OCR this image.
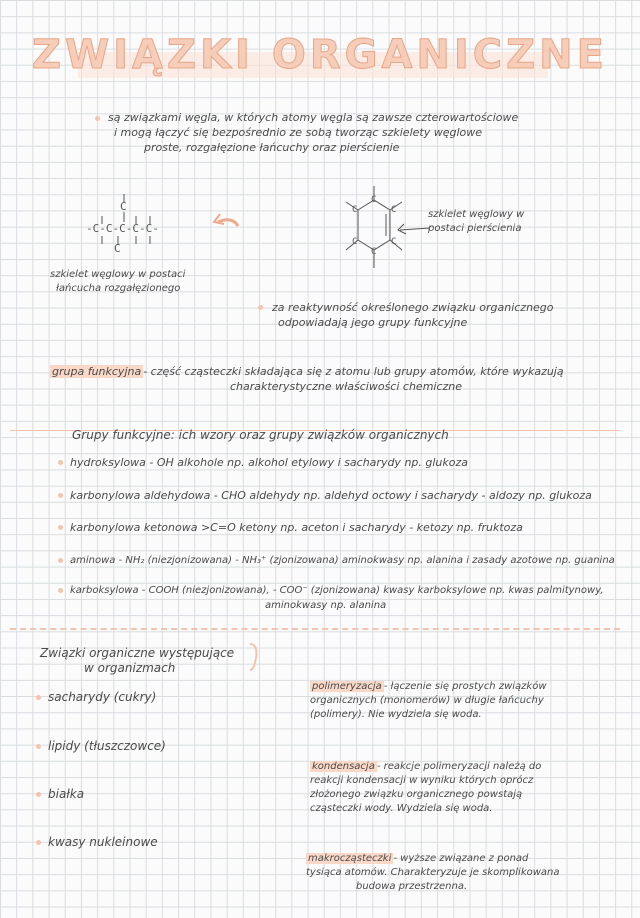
ZWIĄZKI ORGANICZNE
są związkami węgla, w których atomy węgla są zawsze czterowartościowe
i mogą łączyć się bezpośrednio ze sobą tworząc szkielety węglowe
proste, rozgałęzione łańcuchy oraz pierścienie
C
-C-C-C-C-C-
C
szkielet węglowy w postaci
łańcucha rozgałęzionego
C
C
C	C
C	C
szkielet węglowy w
postaci pierścienia
za reaktywność określonego związku organicznego
odpowiadają jego grupy funkcyjne
grupa funkcyjna - część cząsteczki składająca się z atomu lub grupy atomów, które wykazują
charakterystyczne właściwości chemiczne
Grupy funkcyjne: ich wzory oraz grupy związków organicznych
hydroksylowa - OH alkohole np. alkohol etylowy i sacharydy np. glukoza
karbonylowa aldehydowa - CHO aldehydy np. aldehyd octowy i sacharydy - aldozy np. glukoza
karbonylowa ketonowa >C=O ketony np. aceton i sacharydy - ketozy np. fruktoza
aminowa - NH₂ (niezjonizowana) - NH₃⁺ (zjonizowana) aminokwasy np. alanina i zasady azotowe np. guanina
karboksylowa - COOH (niezjonizowana), - COO⁻ (zjonizowana) kwasy karboksylowe np. kwas palmitynowy,
aminokwasy np. alanina
Związki organiczne występujące
w organizmach
sacharydy (cukry)
lipidy (tłuszczowce)
białka
kwasy nukleinowe
polimeryzacja - łączenie się prostych związków
organicznych (monomerów) w długie łańcuchy
(polimery). Nie wydziela się woda.
kondensacja - reakcje polimeryzacji należą do
reakcji kondensacji w wyniku których oprócz
złożonego związku organicznego powstają
cząsteczki wody. Wydziela się woda.
makrocząsteczki - wyższe związane z ponad
tysiąca atomów. Charakteryzuje je skomplikowana
budowa przestrzenna.
